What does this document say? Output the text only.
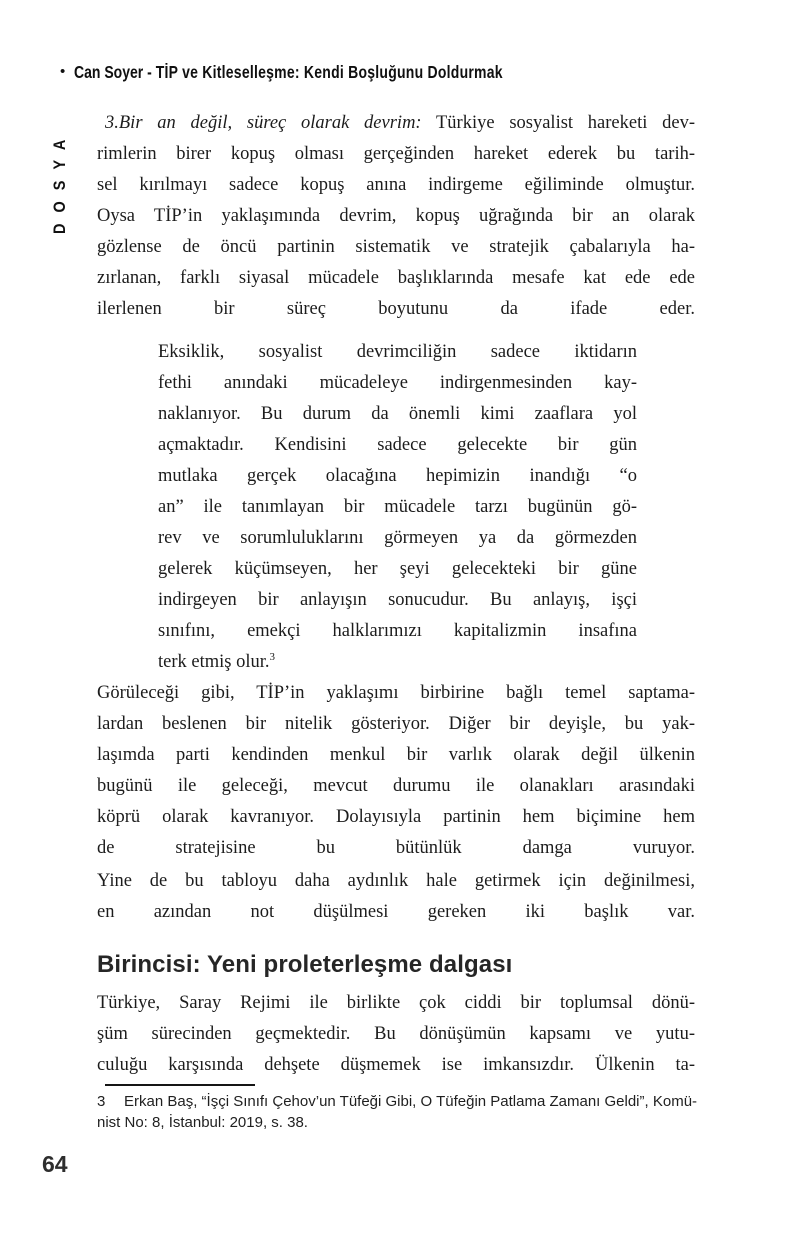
• Can Soyer - TİP ve Kitleselleşme: Kendi Boşluğunu Doldurmak
DOSYA
3.Bir an değil, süreç olarak devrim: Türkiye sosyalist hareketi dev-
rimlerin birer kopuş olması gerçeğinden hareket ederek bu tarih-
sel kırılmayı sadece kopuş anına indirgeme eğiliminde olmuştur.
Oysa TİP’in yaklaşımında devrim, kopuş uğrağında bir an olarak
gözlense de öncü partinin sistematik ve stratejik çabalarıyla ha-
zırlanan, farklı siyasal mücadele başlıklarında mesafe kat ede ede
ilerlenen bir süreç boyutunu da ifade eder.
Eksiklik, sosyalist devrimciliğin sadece iktidarın
fethi anındaki mücadeleye indirgenmesinden kay-
naklanıyor. Bu durum da önemli kimi zaaflara yol
açmaktadır. Kendisini sadece gelecekte bir gün
mutlaka gerçek olacağına hepimizin inandığı “o
an” ile tanımlayan bir mücadele tarzı bugünün gö-
rev ve sorumluluklarını görmeyen ya da görmezden
gelerek küçümseyen, her şeyi gelecekteki bir güne
indirgeyen bir anlayışın sonucudur. Bu anlayış, işçi
sınıfını, emekçi halklarımızı kapitalizmin insafına
terk etmiş olur.$^3$
Görüleceği gibi, TİP’in yaklaşımı birbirine bağlı temel saptama-
lardan beslenen bir nitelik gösteriyor. Diğer bir deyişle, bu yak-
laşımda parti kendinden menkul bir varlık olarak değil ülkenin
bugünü ile geleceği, mevcut durumu ile olanakları arasındaki
köprü olarak kavranıyor. Dolayısıyla partinin hem biçimine hem
de stratejisine bu bütünlük damga vuruyor.
Yine de bu tabloyu daha aydınlık hale getirmek için değinilmesi,
en azından not düşülmesi gereken iki başlık var.
Birincisi: Yeni proleterleşme dalgası
Türkiye, Saray Rejimi ile birlikte çok ciddi bir toplumsal dönü-
şüm sürecinden geçmektedir. Bu dönüşümün kapsamı ve yutu-
culuğu karşısında dehşete düşmemek ise imkansızdır. Ülkenin ta-
3 Erkan Baş, “İşçi Sınıfı Çehov’un Tüfeği Gibi, O Tüfeğin Patlama Zamanı Geldi”, Komü-
nist No: 8, İstanbul: 2019, s. 38.
64
